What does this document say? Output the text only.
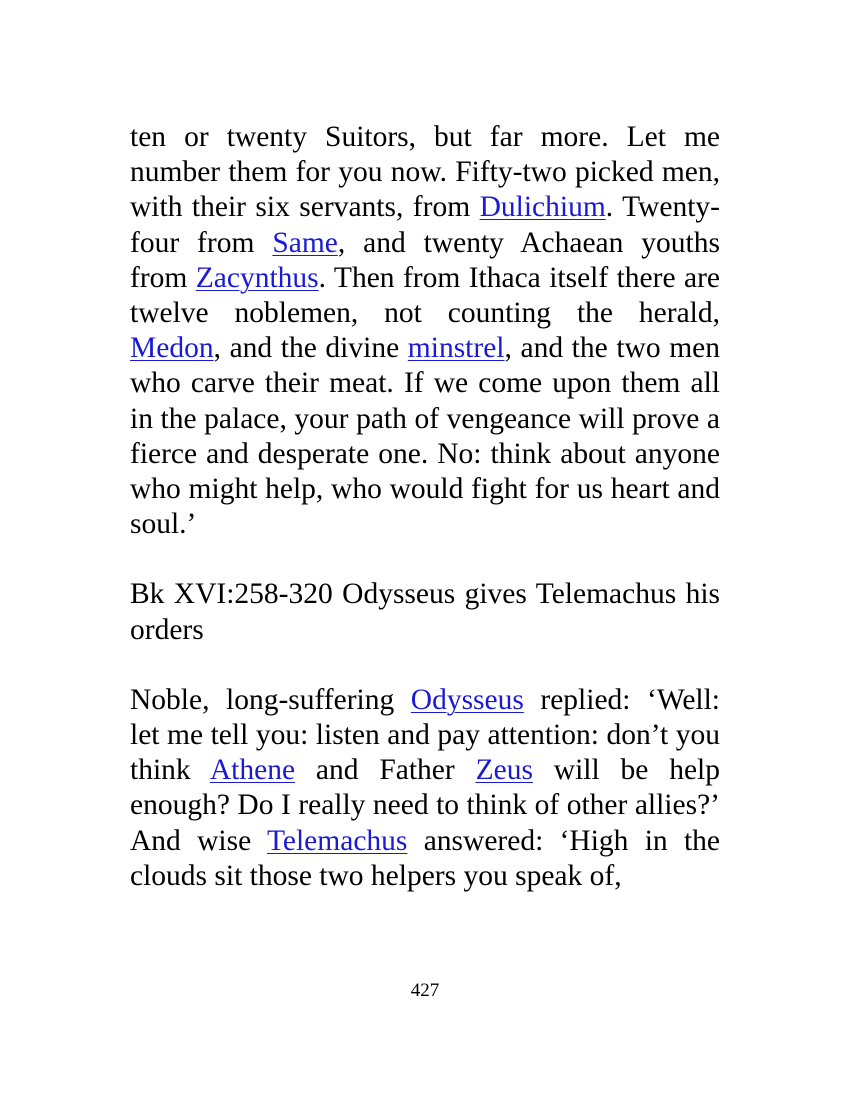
ten or twenty Suitors, but far more. Let me number them for you now. Fifty-two picked men, with their six servants, from Dulichium. Twenty-four from Same, and twenty Achaean youths from Zacynthus. Then from Ithaca itself there are twelve noblemen, not counting the herald, Medon, and the divine minstrel, and the two men who carve their meat. If we come upon them all in the palace, your path of vengeance will prove a fierce and desperate one. No: think about anyone who might help, who would fight for us heart and soul.’

Bk XVI:258-320 Odysseus gives Telemachus his orders

Noble, long-suffering Odysseus replied: ‘Well: let me tell you: listen and pay attention: don’t you think Athene and Father Zeus will be help enough? Do I really need to think of other allies?’ And wise Telemachus answered: ‘High in the clouds sit those two helpers you speak of,

427
